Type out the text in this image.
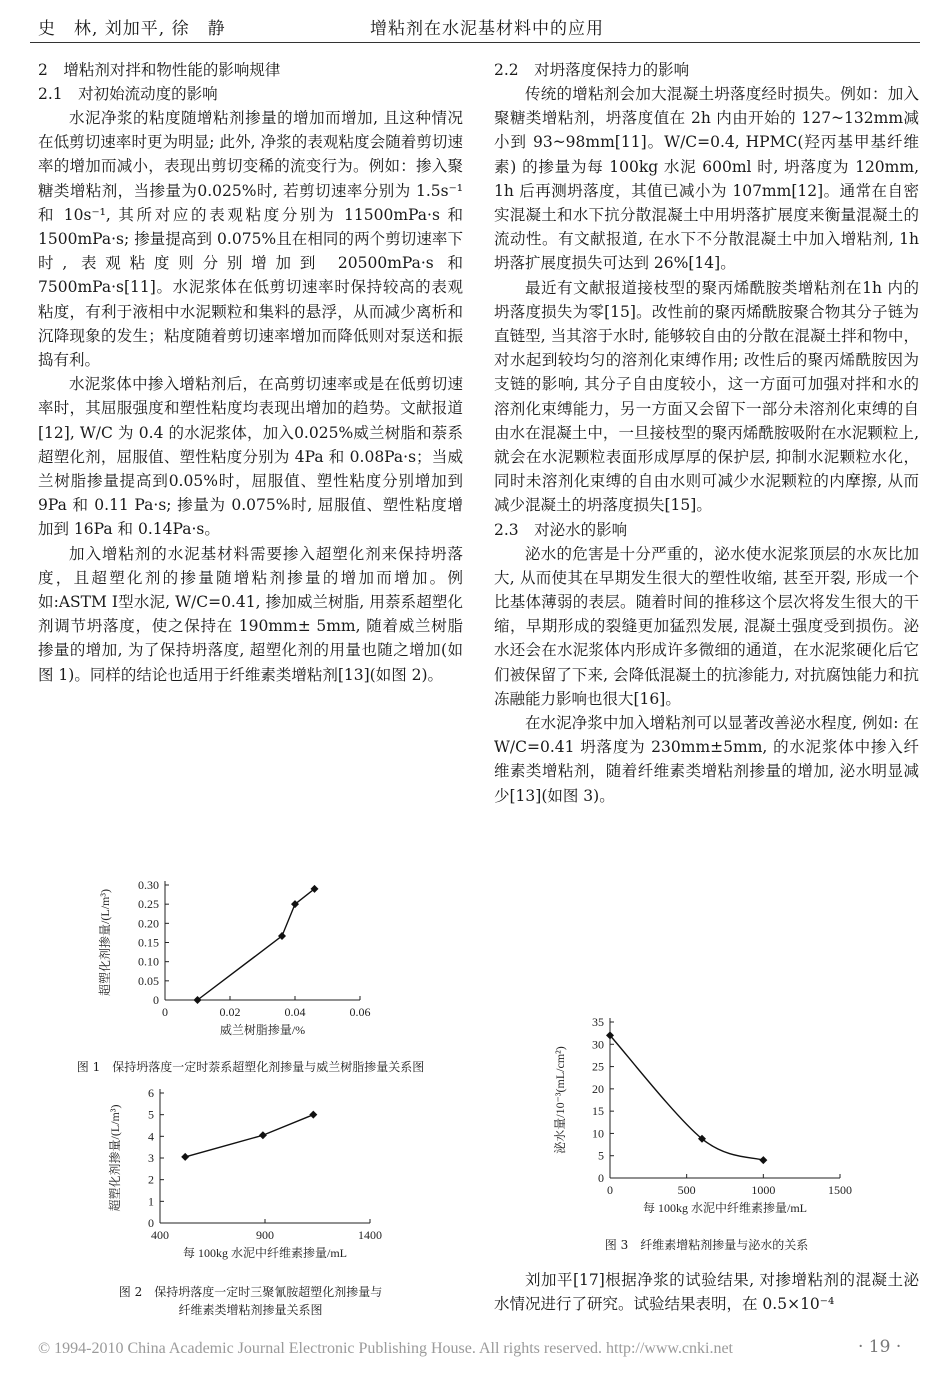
史　林, 刘加平, 徐　静	增粘剂在水泥基材料中的应用

2　增粘剂对拌和物性能的影响规律

2.1　对初始流动度的影响

水泥净浆的粘度随增粘剂掺量的增加而增加, 且这种情况在低剪切速率时更为明显; 此外, 净浆的表观粘度会随着剪切速率的增加而减小，表现出剪切变稀的流变行为。例如：掺入聚糖类增粘剂，当掺量为0.025%时, 若剪切速率分别为 1.5s⁻¹ 和 10s⁻¹, 其所对应的表观粘度分别为 11500mPa·s 和 1500mPa·s; 掺量提高到 0.075%且在相同的两个剪切速率下时, 表观粘度则分别增加到 20500mPa·s 和 7500mPa·s[11]。水泥浆体在低剪切速率时保持较高的表观粘度，有利于液相中水泥颗粒和集料的悬浮，从而减少离析和沉降现象的发生；粘度随着剪切速率增加而降低则对泵送和振捣有利。

水泥浆体中掺入增粘剂后，在高剪切速率或是在低剪切速率时，其屈服强度和塑性粘度均表现出增加的趋势。文献报道 [12], W/C 为 0.4 的水泥浆体，加入0.025%威兰树脂和萘系超塑化剂，屈服值、塑性粘度分别为 4Pa 和 0.08Pa·s；当威兰树脂掺量提高到0.05%时，屈服值、塑性粘度分别增加到 9Pa 和 0.11 Pa·s; 掺量为 0.075%时, 屈服值、塑性粘度增加到 16Pa 和 0.14Pa·s。

加入增粘剂的水泥基材料需要掺入超塑化剂来保持坍落度，且超塑化剂的掺量随增粘剂掺量的增加而增加。例如:ASTM Ⅰ型水泥, W/C=0.41, 掺加威兰树脂, 用萘系超塑化剂调节坍落度，使之保持在 190mm± 5mm, 随着威兰树脂掺量的增加, 为了保持坍落度, 超塑化剂的用量也随之增加(如图 1)。同样的结论也适用于纤维素类增粘剂[13](如图 2)。

2.2　对坍落度保持力的影响

传统的增粘剂会加大混凝土坍落度经时损失。例如：加入聚糖类增粘剂，坍落度值在 2h 内由开始的 127~132mm减小到 93~98mm[11]。W/C=0.4, HPMC(羟丙基甲基纤维素) 的掺量为每 100kg 水泥 600ml 时, 坍落度为 120mm, 1h 后再测坍落度，其值已减小为 107mm[12]。通常在自密实混凝土和水下抗分散混凝土中用坍落扩展度来衡量混凝土的流动性。有文献报道, 在水下不分散混凝土中加入增粘剂, 1h 坍落扩展度损失可达到 26%[14]。

最近有文献报道接枝型的聚丙烯酰胺类增粘剂在1h 内的坍落度损失为零[15]。改性前的聚丙烯酰胺聚合物其分子链为直链型, 当其溶于水时, 能够较自由的分散在混凝土拌和物中，对水起到较均匀的溶剂化束缚作用; 改性后的聚丙烯酰胺因为支链的影响, 其分子自由度较小，这一方面可加强对拌和水的溶剂化束缚能力，另一方面又会留下一部分未溶剂化束缚的自由水在混凝土中，一旦接枝型的聚丙烯酰胺吸附在水泥颗粒上, 就会在水泥颗粒表面形成厚厚的保护层, 抑制水泥颗粒水化，同时未溶剂化束缚的自由水则可减少水泥颗粒的内摩擦, 从而减少混凝土的坍落度损失[15]。

2.3　对泌水的影响

泌水的危害是十分严重的，泌水使水泥浆顶层的水灰比加大, 从而使其在早期发生很大的塑性收缩, 甚至开裂, 形成一个比基体薄弱的表层。随着时间的推移这个层次将发生很大的干缩，早期形成的裂缝更加猛烈发展, 混凝土强度受到损伤。泌水还会在水泥浆体内形成许多微细的通道，在水泥浆硬化后它们被保留了下来, 会降低混凝土的抗渗能力, 对抗腐蚀能力和抗冻融能力影响也很大[16]。

在水泥净浆中加入增粘剂可以显著改善泌水程度, 例如: 在 W/C=0.41 坍落度为 230mm±5mm, 的水泥浆体中掺入纤维素类增粘剂，随着纤维素类增粘剂掺量的增加, 泌水明显减少[13](如图 3)。

刘加平[17]根据净浆的试验结果, 对掺增粘剂的混凝土泌水情况进行了研究。试验结果表明，在 0.5×10⁻⁴

0
0.05
0.10
0.15
0.20
0.25
0.30
0	0.02	0.04	0.06
威兰树脂掺量/%
超塑化剂掺量/(L/m³)
图 1　保持坍落度一定时萘系超塑化剂掺量与威兰树脂掺量关系图
0
1
2
3
4
5
6
400	900	1400
每 100kg 水泥中纤维素掺量/mL
超塑化剂掺量/(L/m³)
图 2　保持坍落度一定时三聚氰胺超塑化剂掺量与
纤维素类增粘剂掺量关系图
0
5
10
15
20
25
30
35
0	500	1000	1500
每 100kg 水泥中纤维素掺量/mL
泌水量/10⁻³(mL/cm²)
图 3　纤维素增粘剂掺量与泌水的关系
© 1994-2010 China Academic Journal Electronic Publishing House. All rights reserved. http://www.cnki.net	· 19 ·
